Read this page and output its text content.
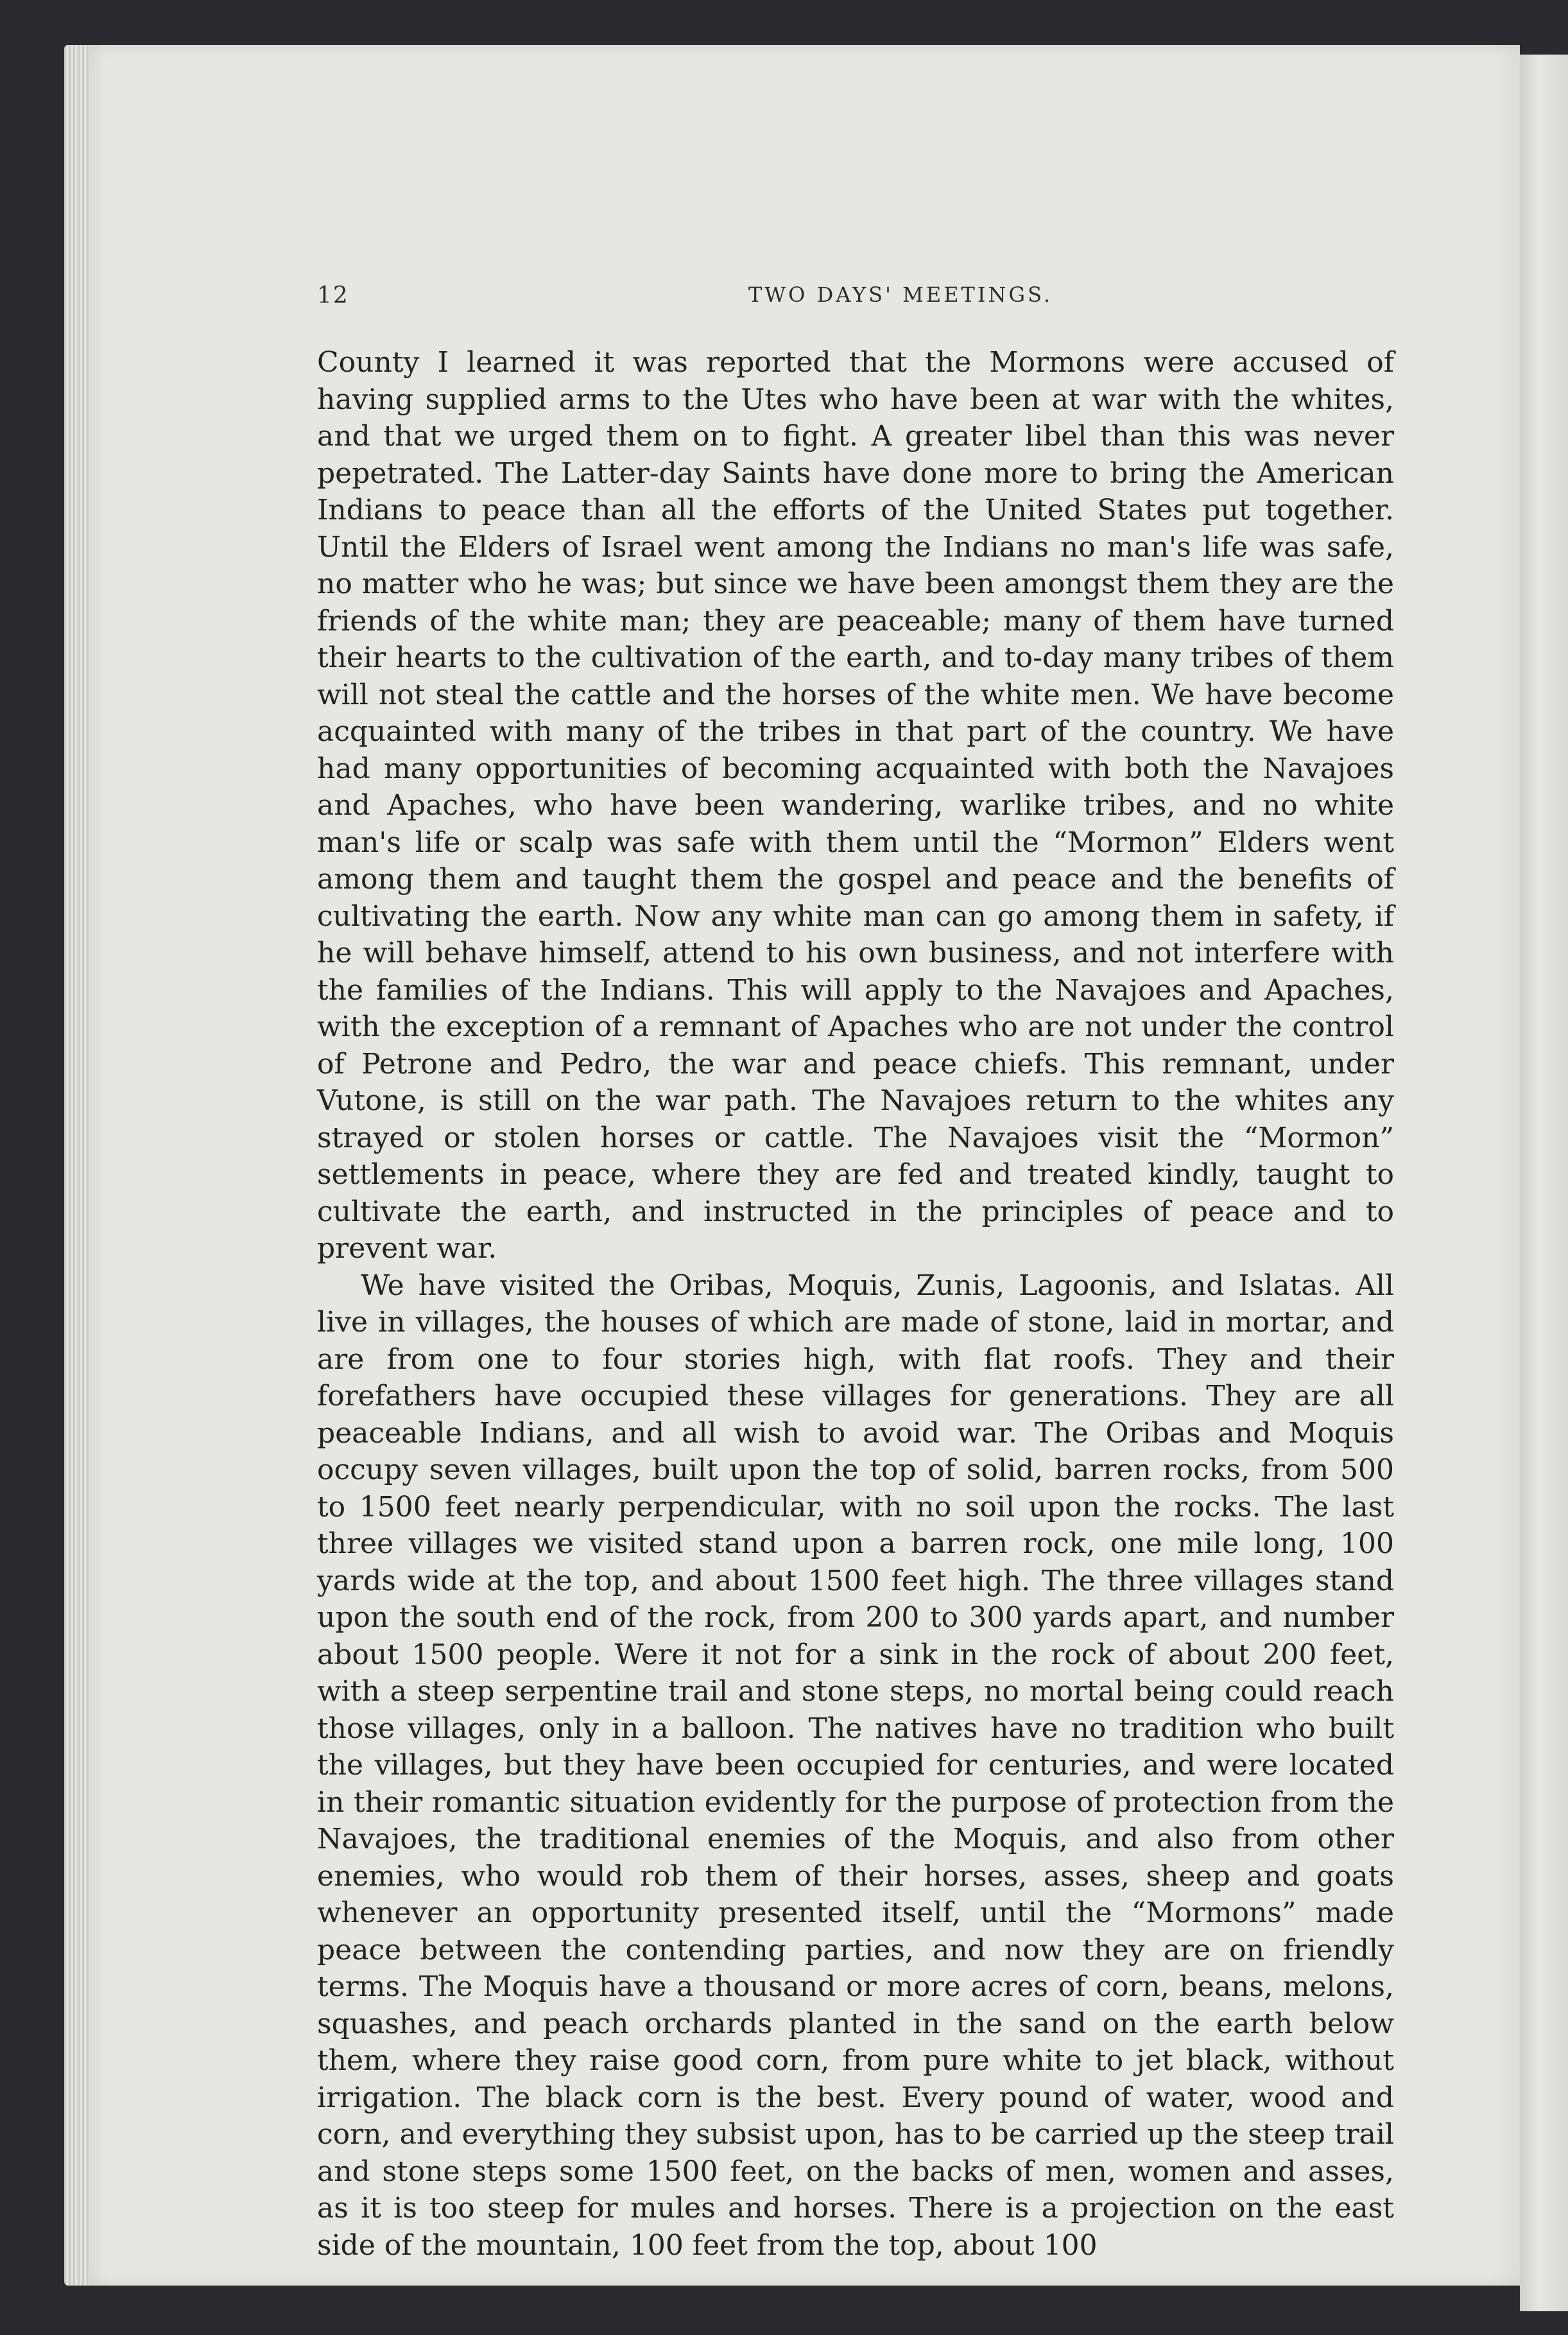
12	TWO DAYS' MEETINGS.

County I learned it was reported that the Mormons were accused of having supplied arms to the Utes who have been at war with the whites, and that we urged them on to fight. A greater libel than this was never pepetrated. The Latter-day Saints have done more to bring the American Indians to peace than all the efforts of the United States put together. Until the Elders of Israel went among the Indians no man's life was safe, no matter who he was; but since we have been amongst them they are the friends of the white man; they are peaceable; many of them have turned their hearts to the cultivation of the earth, and to-day many tribes of them will not steal the cattle and the horses of the white men. We have become acquainted with many of the tribes in that part of the country. We have had many opportunities of becoming acquainted with both the Navajoes and Apaches, who have been wandering, warlike tribes, and no white man's life or scalp was safe with them until the “Mormon” Elders went among them and taught them the gospel and peace and the benefits of cultivating the earth. Now any white man can go among them in safety, if he will behave himself, attend to his own business, and not interfere with the families of the Indians. This will apply to the Navajoes and Apaches, with the exception of a remnant of Apaches who are not under the control of Petrone and Pedro, the war and peace chiefs. This remnant, under Vutone, is still on the war path. The Navajoes return to the whites any strayed or stolen horses or cattle. The Navajoes visit the “Mormon” settlements in peace, where they are fed and treated kindly, taught to cultivate the earth, and instructed in the principles of peace and to prevent war.

We have visited the Oribas, Moquis, Zunis, Lagoonis, and Islatas. All live in villages, the houses of which are made of stone, laid in mortar, and are from one to four stories high, with flat roofs. They and their forefathers have occupied these villages for generations. They are all peaceable Indians, and all wish to avoid war. The Oribas and Moquis occupy seven villages, built upon the top of solid, barren rocks, from 500 to 1500 feet nearly perpendicular, with no soil upon the rocks. The last three villages we visited stand upon a barren rock, one mile long, 100 yards wide at the top, and about 1500 feet high. The three villages stand upon the south end of the rock, from 200 to 300 yards apart, and number about 1500 people. Were it not for a sink in the rock of about 200 feet, with a steep serpentine trail and stone steps, no mortal being could reach those villages, only in a balloon. The natives have no tradition who built the villages, but they have been occupied for centuries, and were located in their romantic situation evidently for the purpose of protection from the Navajoes, the traditional enemies of the Moquis, and also from other enemies, who would rob them of their horses, asses, sheep and goats whenever an opportunity presented itself, until the “Mormons” made peace between the contending parties, and now they are on friendly terms. The Moquis have a thousand or more acres of corn, beans, melons, squashes, and peach orchards planted in the sand on the earth below them, where they raise good corn, from pure white to jet black, without irrigation. The black corn is the best. Every pound of water, wood and corn, and everything they subsist upon, has to be carried up the steep trail and stone steps some 1500 feet, on the backs of men, women and asses, as it is too steep for mules and horses. There is a projection on the east side of the mountain, 100 feet from the top, about 100
